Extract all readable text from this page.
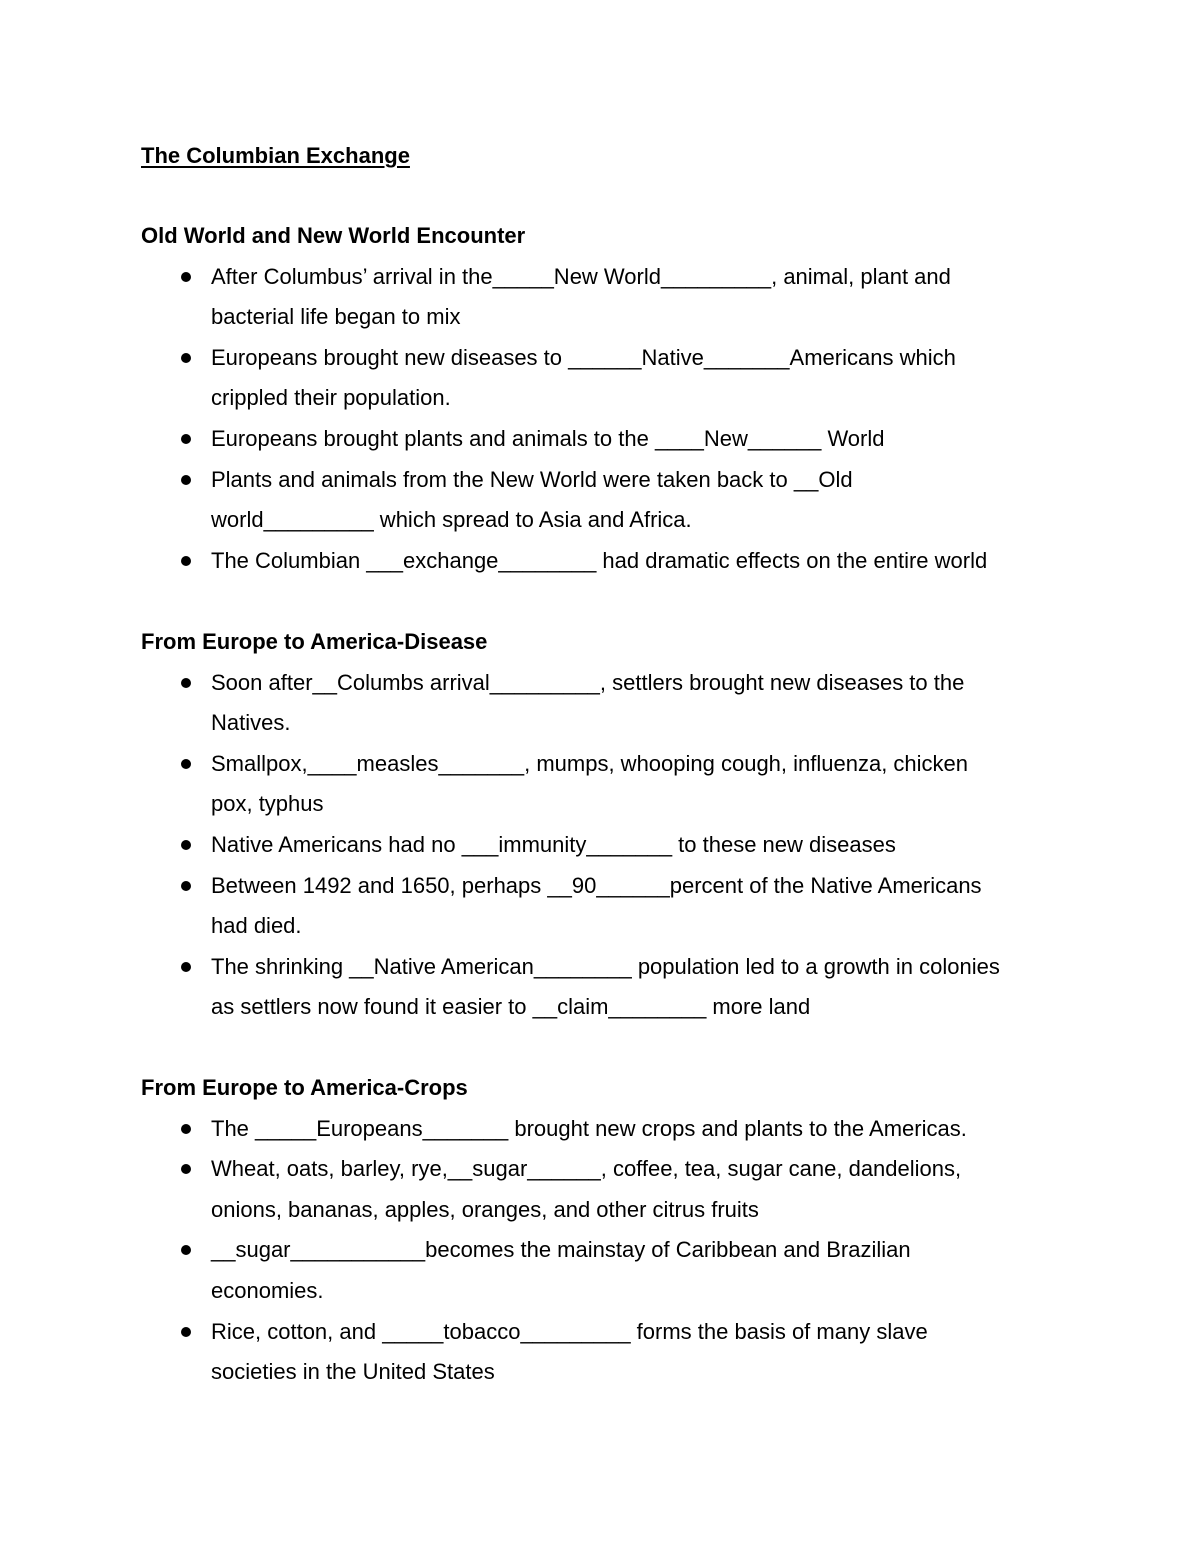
The Columbian Exchange
Old World and New World Encounter
After Columbus’ arrival in the_____New World_________, animal, plant and
bacterial life began to mix
Europeans brought new diseases to ______Native_______Americans which
crippled their population.
Europeans brought plants and animals to the ____New______ World
Plants and animals from the New World were taken back to __Old
world_________ which spread to Asia and Africa.
The Columbian ___exchange________ had dramatic effects on the entire world
From Europe to America-Disease
Soon after__Columbs arrival_________, settlers brought new diseases to the
Natives.
Smallpox,____measles_______, mumps, whooping cough, influenza, chicken
pox, typhus
Native Americans had no ___immunity_______ to these new diseases
Between 1492 and 1650, perhaps __90______percent of the Native Americans
had died.
The shrinking __Native American________ population led to a growth in colonies
as settlers now found it easier to __claim________ more land
From Europe to America-Crops
The _____Europeans_______ brought new crops and plants to the Americas.
Wheat, oats, barley, rye,__sugar______, coffee, tea, sugar cane, dandelions,
onions, bananas, apples, oranges, and other citrus fruits
__sugar___________becomes the mainstay of Caribbean and Brazilian
economies.
Rice, cotton, and _____tobacco_________ forms the basis of many slave
societies in the United States
